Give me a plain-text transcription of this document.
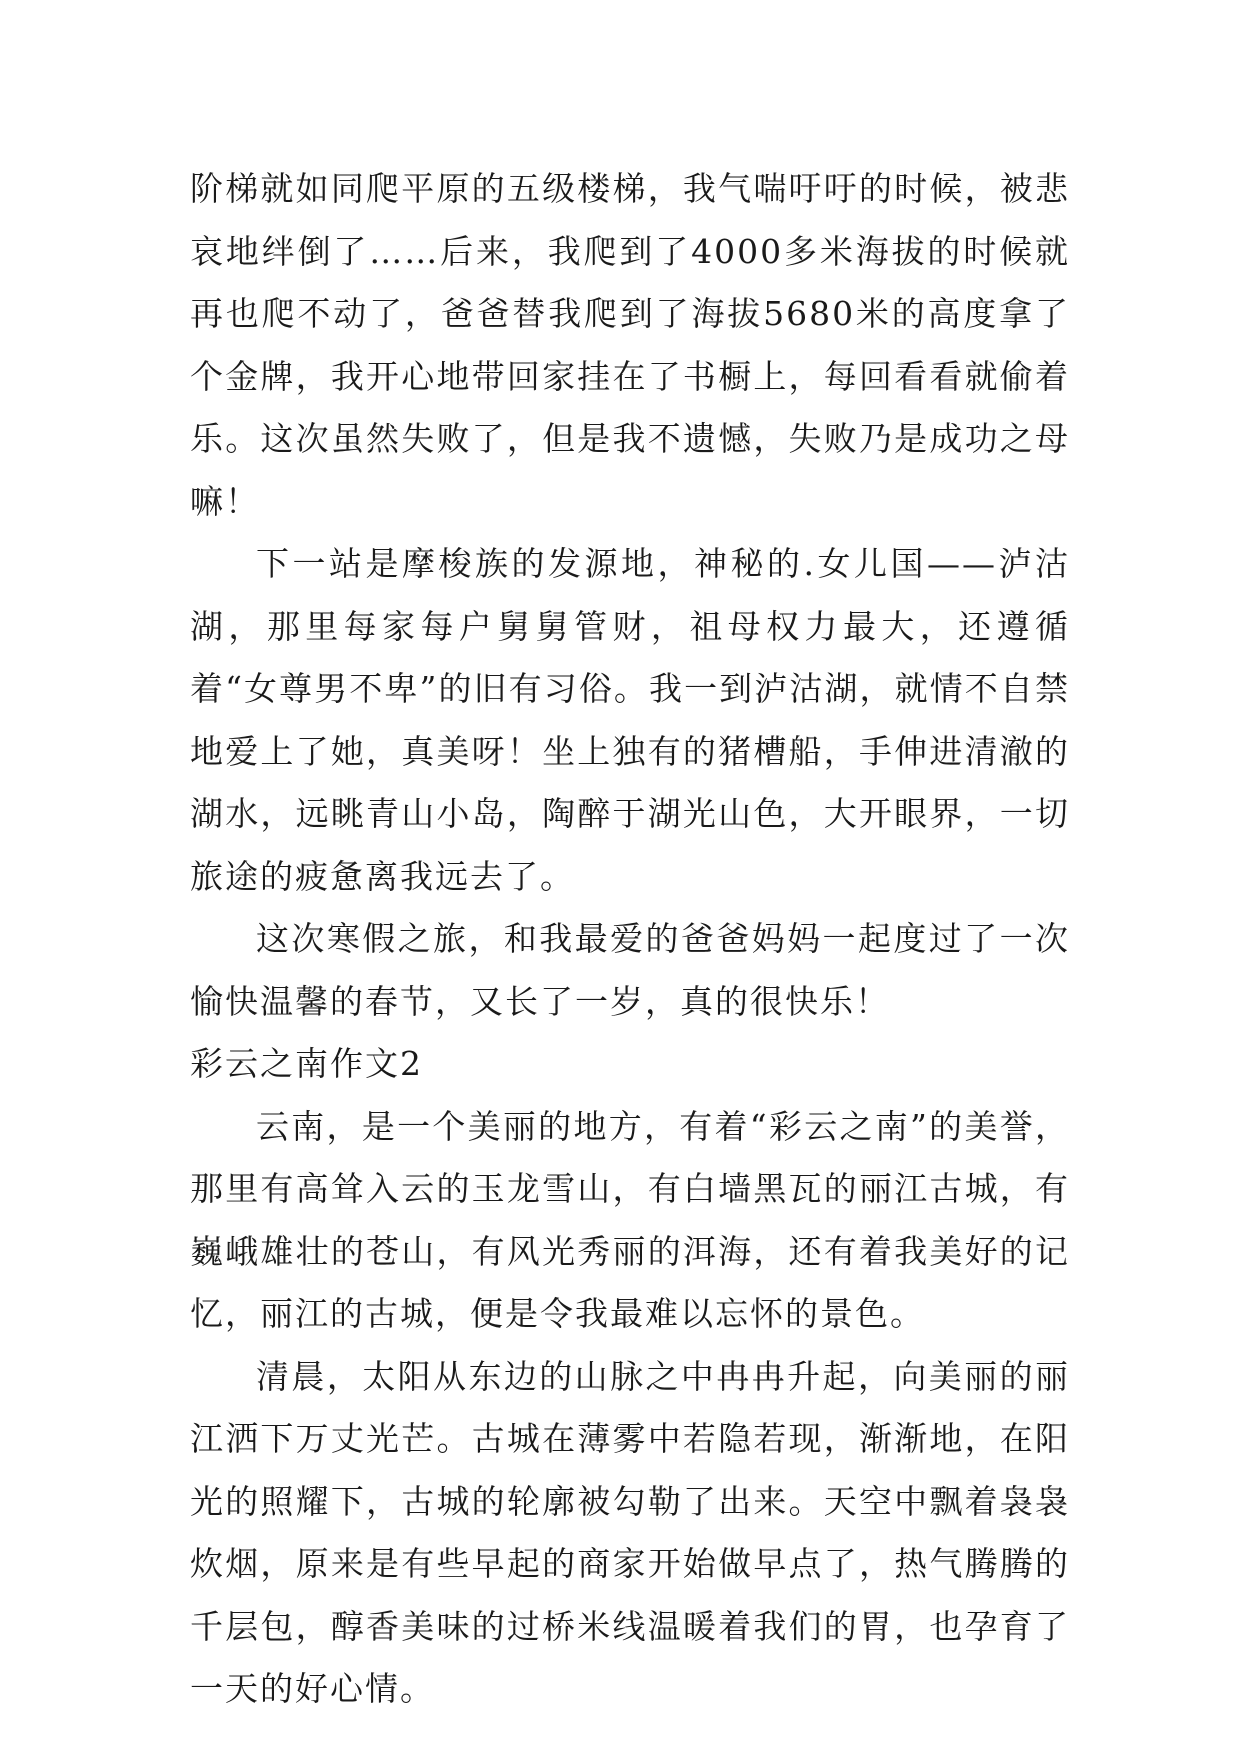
阶梯就如同爬平原的五级楼梯，我气喘吁吁的时候，被悲哀地绊倒了……后来，我爬到了4000多米海拔的时候就再也爬不动了，爸爸替我爬到了海拔5680米的高度拿了个金牌，我开心地带回家挂在了书橱上，每回看看就偷着乐。这次虽然失败了，但是我不遗憾，失败乃是成功之母嘛！

下一站是摩梭族的发源地，神秘的.女儿国——泸沽湖，那里每家每户舅舅管财，祖母权力最大，还遵循着“女尊男不卑”的旧有习俗。我一到泸沽湖，就情不自禁地爱上了她，真美呀！坐上独有的猪槽船，手伸进清澈的湖水，远眺青山小岛，陶醉于湖光山色，大开眼界，一切旅途的疲惫离我远去了。

这次寒假之旅，和我最爱的爸爸妈妈一起度过了一次愉快温馨的春节，又长了一岁，真的很快乐！

彩云之南作文2

云南，是一个美丽的地方，有着“彩云之南”的美誉，那里有高耸入云的玉龙雪山，有白墙黑瓦的丽江古城，有巍峨雄壮的苍山，有风光秀丽的洱海，还有着我美好的记忆，丽江的古城，便是令我最难以忘怀的景色。

清晨，太阳从东边的山脉之中冉冉升起，向美丽的丽江洒下万丈光芒。古城在薄雾中若隐若现，渐渐地，在阳光的照耀下，古城的轮廓被勾勒了出来。天空中飘着袅袅炊烟，原来是有些早起的商家开始做早点了，热气腾腾的千层包，醇香美味的过桥米线温暖着我们的胃，也孕育了一天的好心情。
